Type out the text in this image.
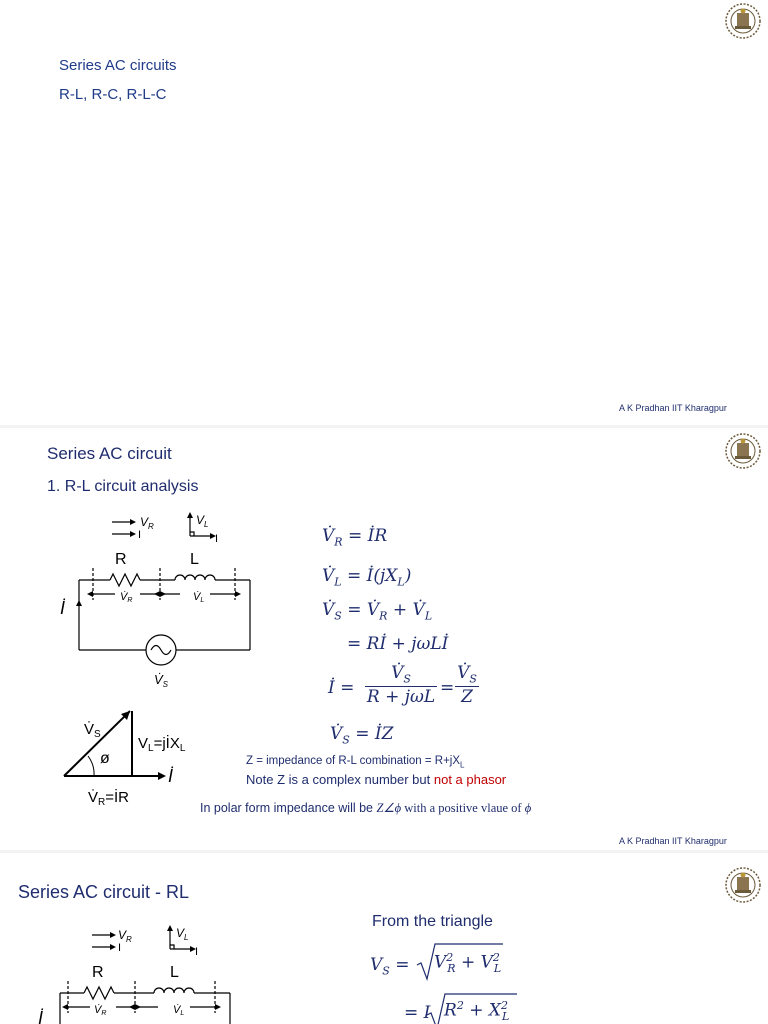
Series AC circuits
R-L, R-C, R-L-C
A K Pradhan IIT Kharagpur
Series AC circuit
1. R-L circuit analysis
$V_R$
I
$V_L$
I
R	L
V̇R	V̇L
İ
$V̇_S$
$V̇_R$ = İR
$V̇_L$ = $İ(jX_L)$
$V̇_S$ = $V̇_R$ + $V̇_L$
= Rİ + jωLİ
İ =
$V̇_S$
R + jωL =
$V̇_S$
Z
$V̇_S$ = İZ
$V̇_S$
ø
$V_L=jİX_L$
İ
$V̇_R=İR$
Z = impedance of R-L combination = $R+jX_L$
Note Z is a complex number but not a phasor
In polar form impedance will be Z∠ϕ with a positive vlaue of ϕ
A K Pradhan IIT Kharagpur
Series AC circuit - RL
$V_R$
I
$V_L$
I
R	L
V̇R	V̇L
İ
From the triangle
$V_S = V^2_R + V^2_L$
= I $R^2 + X^2_L$
